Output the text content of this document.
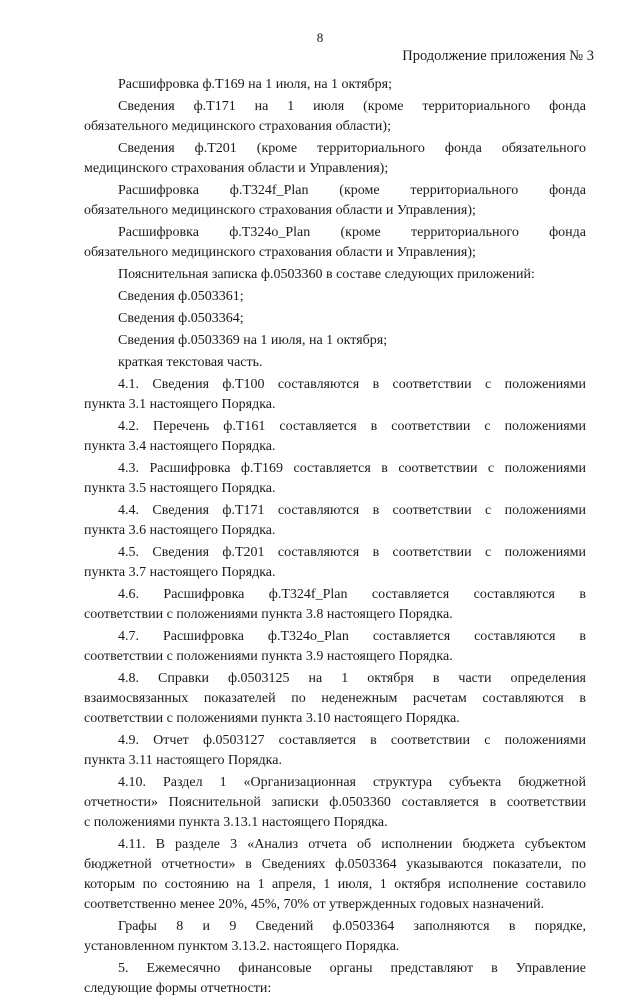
8
Продолжение приложения № 3

Расшифровка ф.Т169 на 1 июля, на 1 октября;

Сведения ф.Т171 на 1 июля (кроме территориального фонда

обязательного медицинского страхования области);

Сведения ф.Т201 (кроме территориального фонда обязательного

медицинского страхования области и Управления);

Расшифровка ф.Т324f_Plan (кроме территориального фонда

обязательного медицинского страхования области и Управления);

Расшифровка ф.Т324o_Plan (кроме территориального фонда

обязательного медицинского страхования области и Управления);

Пояснительная записка ф.0503360 в составе следующих приложений:

Сведения ф.0503361;

Сведения ф.0503364;

Сведения ф.0503369 на 1 июля, на 1 октября;

краткая текстовая часть.

4.1. Сведения ф.Т100 составляются в соответствии с положениями

пункта 3.1 настоящего Порядка.

4.2. Перечень ф.Т161 составляется в соответствии с положениями

пункта 3.4 настоящего Порядка.

4.3. Расшифровка ф.Т169 составляется в соответствии с положениями

пункта 3.5 настоящего Порядка.

4.4. Сведения ф.Т171 составляются в соответствии с положениями

пункта 3.6 настоящего Порядка.

4.5. Сведения ф.Т201 составляются в соответствии с положениями

пункта 3.7 настоящего Порядка.

4.6. Расшифровка ф.Т324f_Plan составляется составляются в

соответствии с положениями пункта 3.8 настоящего Порядка.

4.7. Расшифровка ф.Т324o_Plan составляется составляются в

соответствии с положениями пункта 3.9 настоящего Порядка.

4.8. Справки ф.0503125 на 1 октября в части определения

взаимосвязанных показателей по неденежным расчетам составляются в

соответствии с положениями пункта 3.10 настоящего Порядка.

4.9. Отчет ф.0503127 составляется в соответствии с положениями

пункта 3.11 настоящего Порядка.

4.10. Раздел 1 «Организационная структура субъекта бюджетной

отчетности» Пояснительной записки ф.0503360 составляется в соответствии

с положениями пункта 3.13.1 настоящего Порядка.

4.11. В разделе 3 «Анализ отчета об исполнении бюджета субъектом

бюджетной отчетности» в Сведениях ф.0503364 указываются показатели, по

которым по состоянию на 1 апреля, 1 июля, 1 октября исполнение составило

соответственно менее 20%, 45%, 70% от утвержденных годовых назначений.

Графы 8 и 9 Сведений ф.0503364 заполняются в порядке,

установленном пунктом 3.13.2. настоящего Порядка.

5. Ежемесячно финансовые органы представляют в Управление

следующие формы отчетности:
